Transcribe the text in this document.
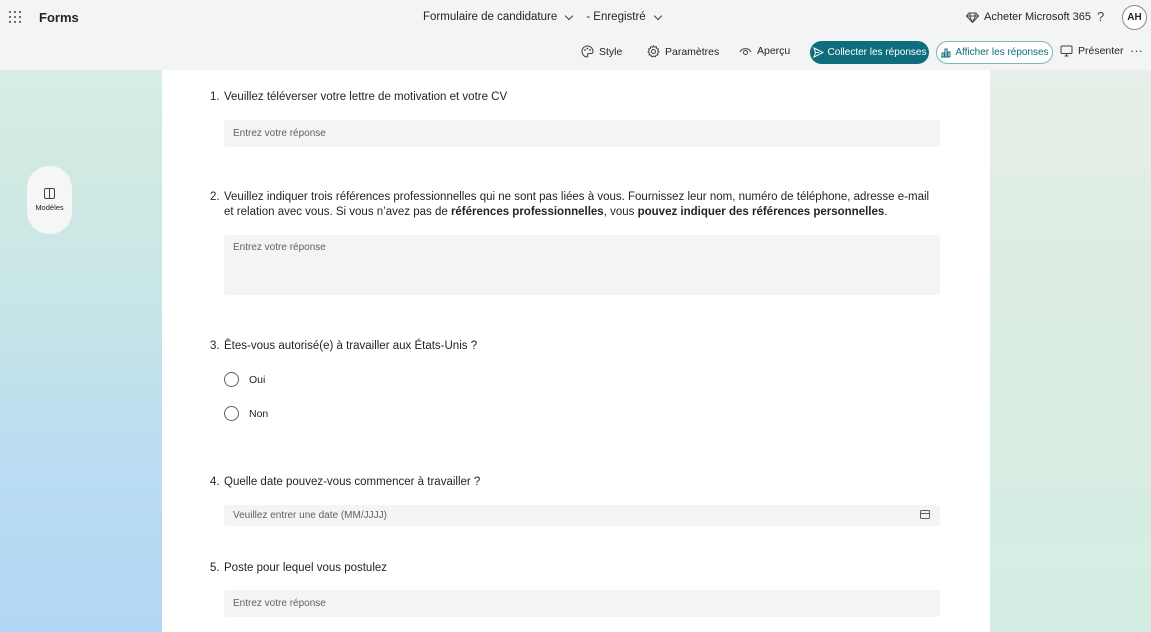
Forms	Formulaire de candidature	- Enregistré	Acheter Microsoft 365 ?	AH
Style	Paramètres	Aperçu	Collecter les réponses	Afficher les réponses	Présenter ···
Modèles
1. Veuillez téléverser votre lettre de motivation et votre CV
Entrez votre réponse
2. Veuillez indiquer trois références professionnelles qui ne sont pas liées à vous. Fournissez leur nom, numéro de téléphone, adresse e-mail et relation avec vous. Si vous n’avez pas de références professionnelles, vous pouvez indiquer des références personnelles.
Entrez votre réponse
3. Êtes-vous autorisé(e) à travailler aux États-Unis ?
Oui
Non
4. Quelle date pouvez-vous commencer à travailler ?
Veuillez entrer une date (MM/JJJJ)
5. Poste pour lequel vous postulez
Entrez votre réponse
